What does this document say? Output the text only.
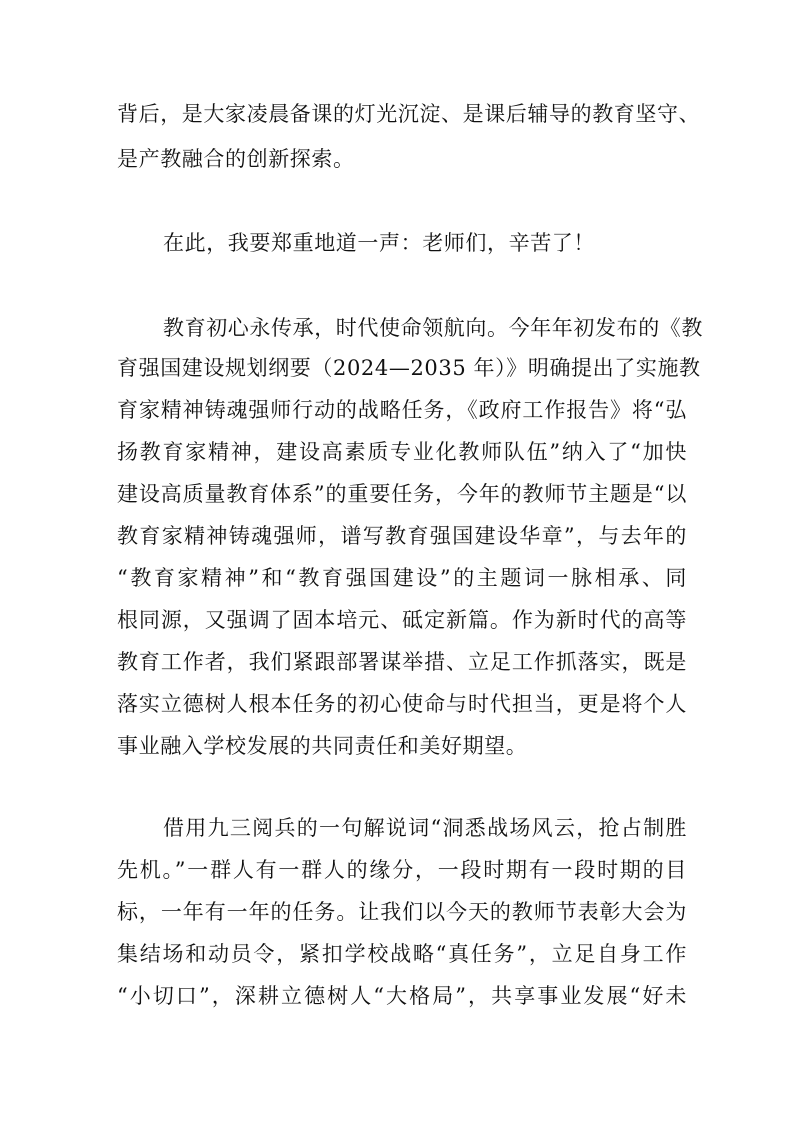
背后，是大家凌晨备课的灯光沉淀、是课后辅导的教育坚守、
是产教融合的创新探索。
在此，我要郑重地道一声：老师们，辛苦了！
教育初心永传承，时代使命领航向。今年年初发布的《教
育强国建设规划纲要（2024—2035 年）》明确提出了实施教
育家精神铸魂强师行动的战略任务，《政府工作报告》将“弘
扬教育家精神，建设高素质专业化教师队伍”纳入了“加快
建设高质量教育体系”的重要任务，今年的教师节主题是“以
教育家精神铸魂强师，谱写教育强国建设华章”，与去年的
“教育家精神”和“教育强国建设”的主题词一脉相承、同
根同源，又强调了固本培元、砥定新篇。作为新时代的高等
教育工作者，我们紧跟部署谋举措、立足工作抓落实，既是
落实立德树人根本任务的初心使命与时代担当，更是将个人
事业融入学校发展的共同责任和美好期望。
借用九三阅兵的一句解说词“洞悉战场风云，抢占制胜
先机。”一群人有一群人的缘分，一段时期有一段时期的目
标，一年有一年的任务。让我们以今天的教师节表彰大会为
集结场和动员令，紧扣学校战略“真任务”，立足自身工作
“小切口”，深耕立德树人“大格局”，共享事业发展“好未
